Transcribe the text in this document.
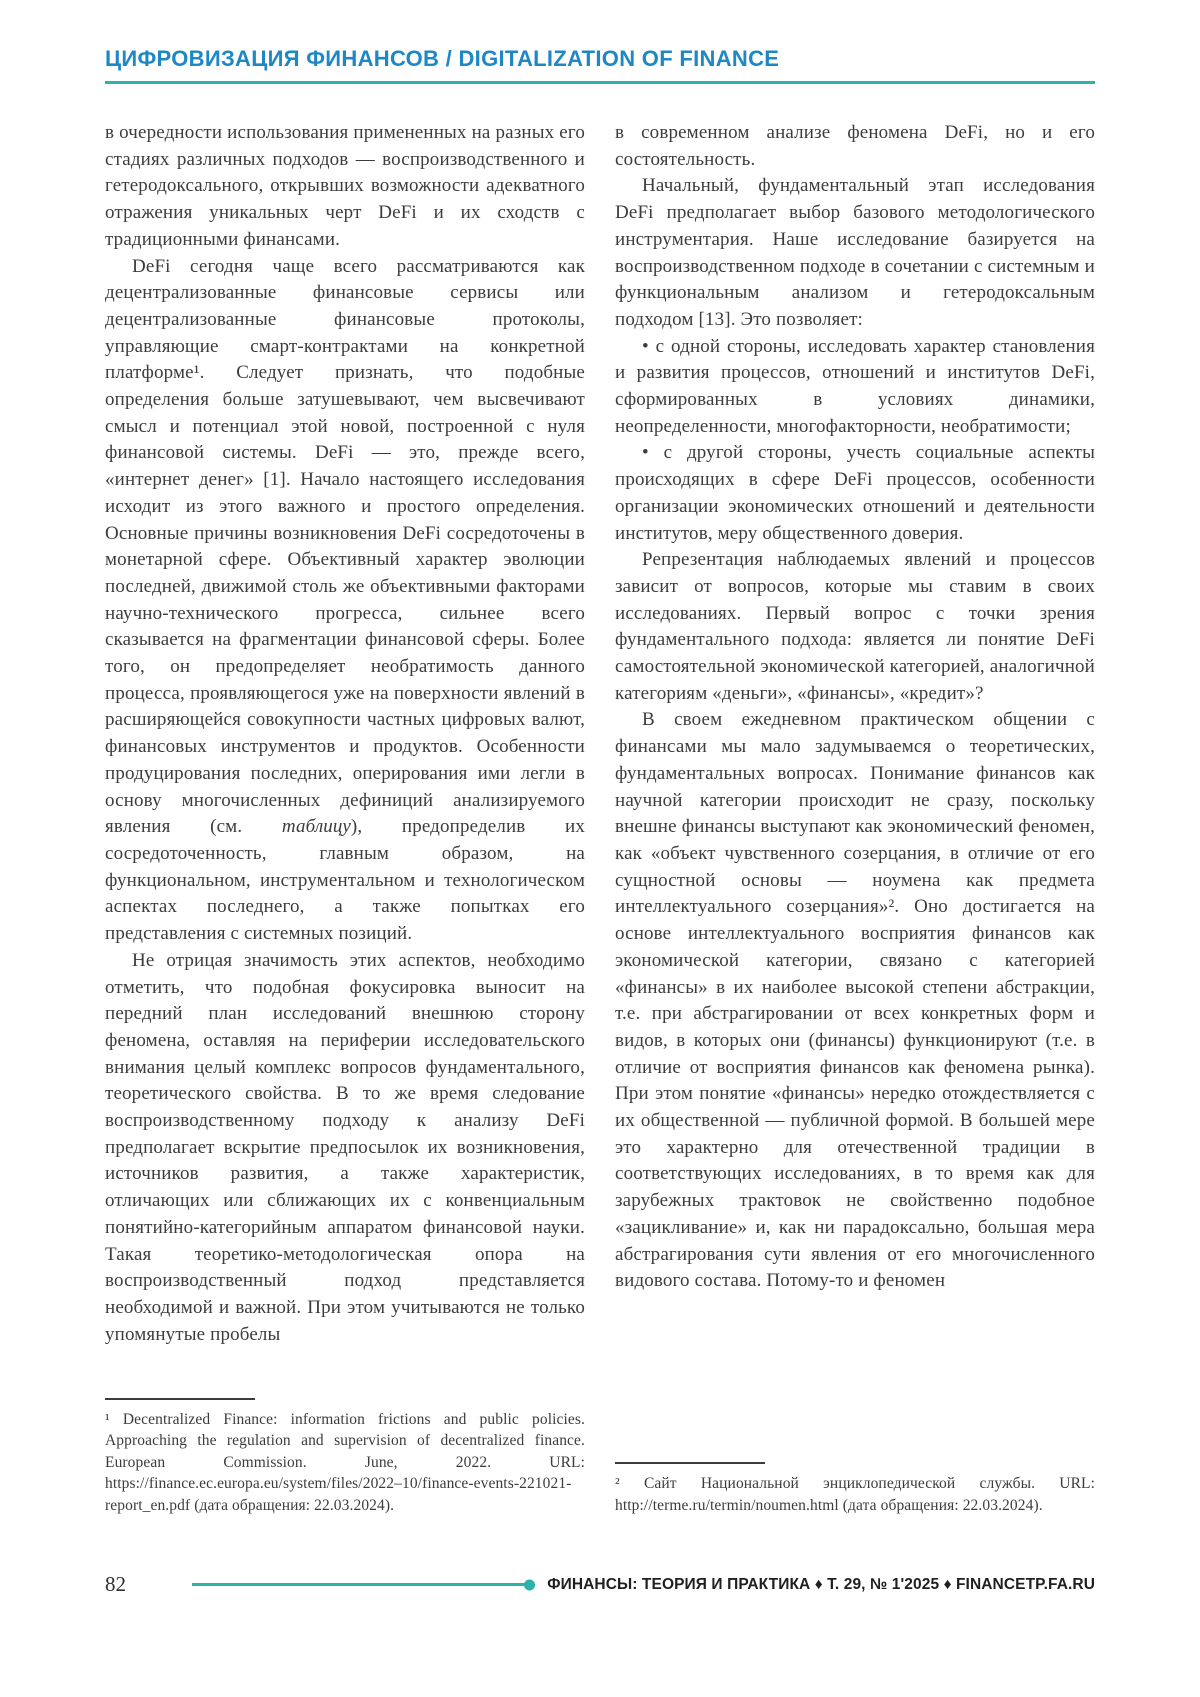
ЦИФРОВИЗАЦИЯ ФИНАНСОВ / DIGITALIZATION OF FINANCE

в очередности использования примененных на разных его стадиях различных подходов — воспроизводственного и гетеродоксального, открывших возможности адекватного отражения уникальных черт DeFi и их сходств с традиционными финансами.

DeFi сегодня чаще всего рассматриваются как децентрализованные финансовые сервисы или децентрализованные финансовые протоколы, управляющие смарт-контрактами на конкретной платформе¹. Следует признать, что подобные определения больше затушевывают, чем высвечивают смысл и потенциал этой новой, построенной с нуля финансовой системы. DeFi — это, прежде всего, «интернет денег» [1]. Начало настоящего исследования исходит из этого важного и простого определения. Основные причины возникновения DeFi сосредоточены в монетарной сфере. Объективный характер эволюции последней, движимой столь же объективными факторами научно-технического прогресса, сильнее всего сказывается на фрагментации финансовой сферы. Более того, он предопределяет необратимость данного процесса, проявляющегося уже на поверхности явлений в расширяющейся совокупности частных цифровых валют, финансовых инструментов и продуктов. Особенности продуцирования последних, оперирования ими легли в основу многочисленных дефиниций анализируемого явления (см. таблицу), предопределив их сосредоточенность, главным образом, на функциональном, инструментальном и технологическом аспектах последнего, а также попытках его представления с системных позиций.

Не отрицая значимость этих аспектов, необходимо отметить, что подобная фокусировка выносит на передний план исследований внешнюю сторону феномена, оставляя на периферии исследовательского внимания целый комплекс вопросов фундаментального, теоретического свойства. В то же время следование воспроизводственному подходу к анализу DeFi предполагает вскрытие предпосылок их возникновения, источников развития, а также характеристик, отличающих или сближающих их с конвенциальным понятийно-категорийным аппаратом финансовой науки. Такая теоретико-методологическая опора на воспроизводственный подход представляется необходимой и важной. При этом учитываются не только упомянутые пробелы

¹ Decentralized Finance: information frictions and public policies. Approaching the regulation and supervision of decentralized finance. European Commission. June, 2022. URL: https://finance.ec.europa.eu/system/files/2022–10/finance-events-221021-report_en.pdf (дата обращения: 22.03.2024).

в современном анализе феномена DeFi, но и его состоятельность.

Начальный, фундаментальный этап исследования DeFi предполагает выбор базового методологического инструментария. Наше исследование базируется на воспроизводственном подходе в сочетании с системным и функциональным анализом и гетеродоксальным подходом [13]. Это позволяет:

• с одной стороны, исследовать характер становления и развития процессов, отношений и институтов DeFi, сформированных в условиях динамики, неопределенности, многофакторности, необратимости;

• с другой стороны, учесть социальные аспекты происходящих в сфере DeFi процессов, особенности организации экономических отношений и деятельности институтов, меру общественного доверия.

Репрезентация наблюдаемых явлений и процессов зависит от вопросов, которые мы ставим в своих исследованиях. Первый вопрос с точки зрения фундаментального подхода: является ли понятие DeFi самостоятельной экономической категорией, аналогичной категориям «деньги», «финансы», «кредит»?

В своем ежедневном практическом общении с финансами мы мало задумываемся о теоретических, фундаментальных вопросах. Понимание финансов как научной категории происходит не сразу, поскольку внешне финансы выступают как экономический феномен, как «объект чувственного созерцания, в отличие от его сущностной основы — ноумена как предмета интеллектуального созерцания»². Оно достигается на основе интеллектуального восприятия финансов как экономической категории, связано с категорией «финансы» в их наиболее высокой степени абстракции, т.е. при абстрагировании от всех конкретных форм и видов, в которых они (финансы) функционируют (т.е. в отличие от восприятия финансов как феномена рынка). При этом понятие «финансы» нередко отождествляется с их общественной — публичной формой. В большей мере это характерно для отечественной традиции в соответствующих исследованиях, в то время как для зарубежных трактовок не свойственно подобное «зацикливание» и, как ни парадоксально, большая мера абстрагирования сути явления от его многочисленного видового состава. Потому-то и феномен

² Сайт Национальной энциклопедической службы. URL: http://terme.ru/termin/noumen.html (дата обращения: 22.03.2024).

82	ФИНАНСЫ: ТЕОРИЯ И ПРАКТИКА ♦ Т. 29, № 1'2025 ♦ FINANCETP.FA.RU
